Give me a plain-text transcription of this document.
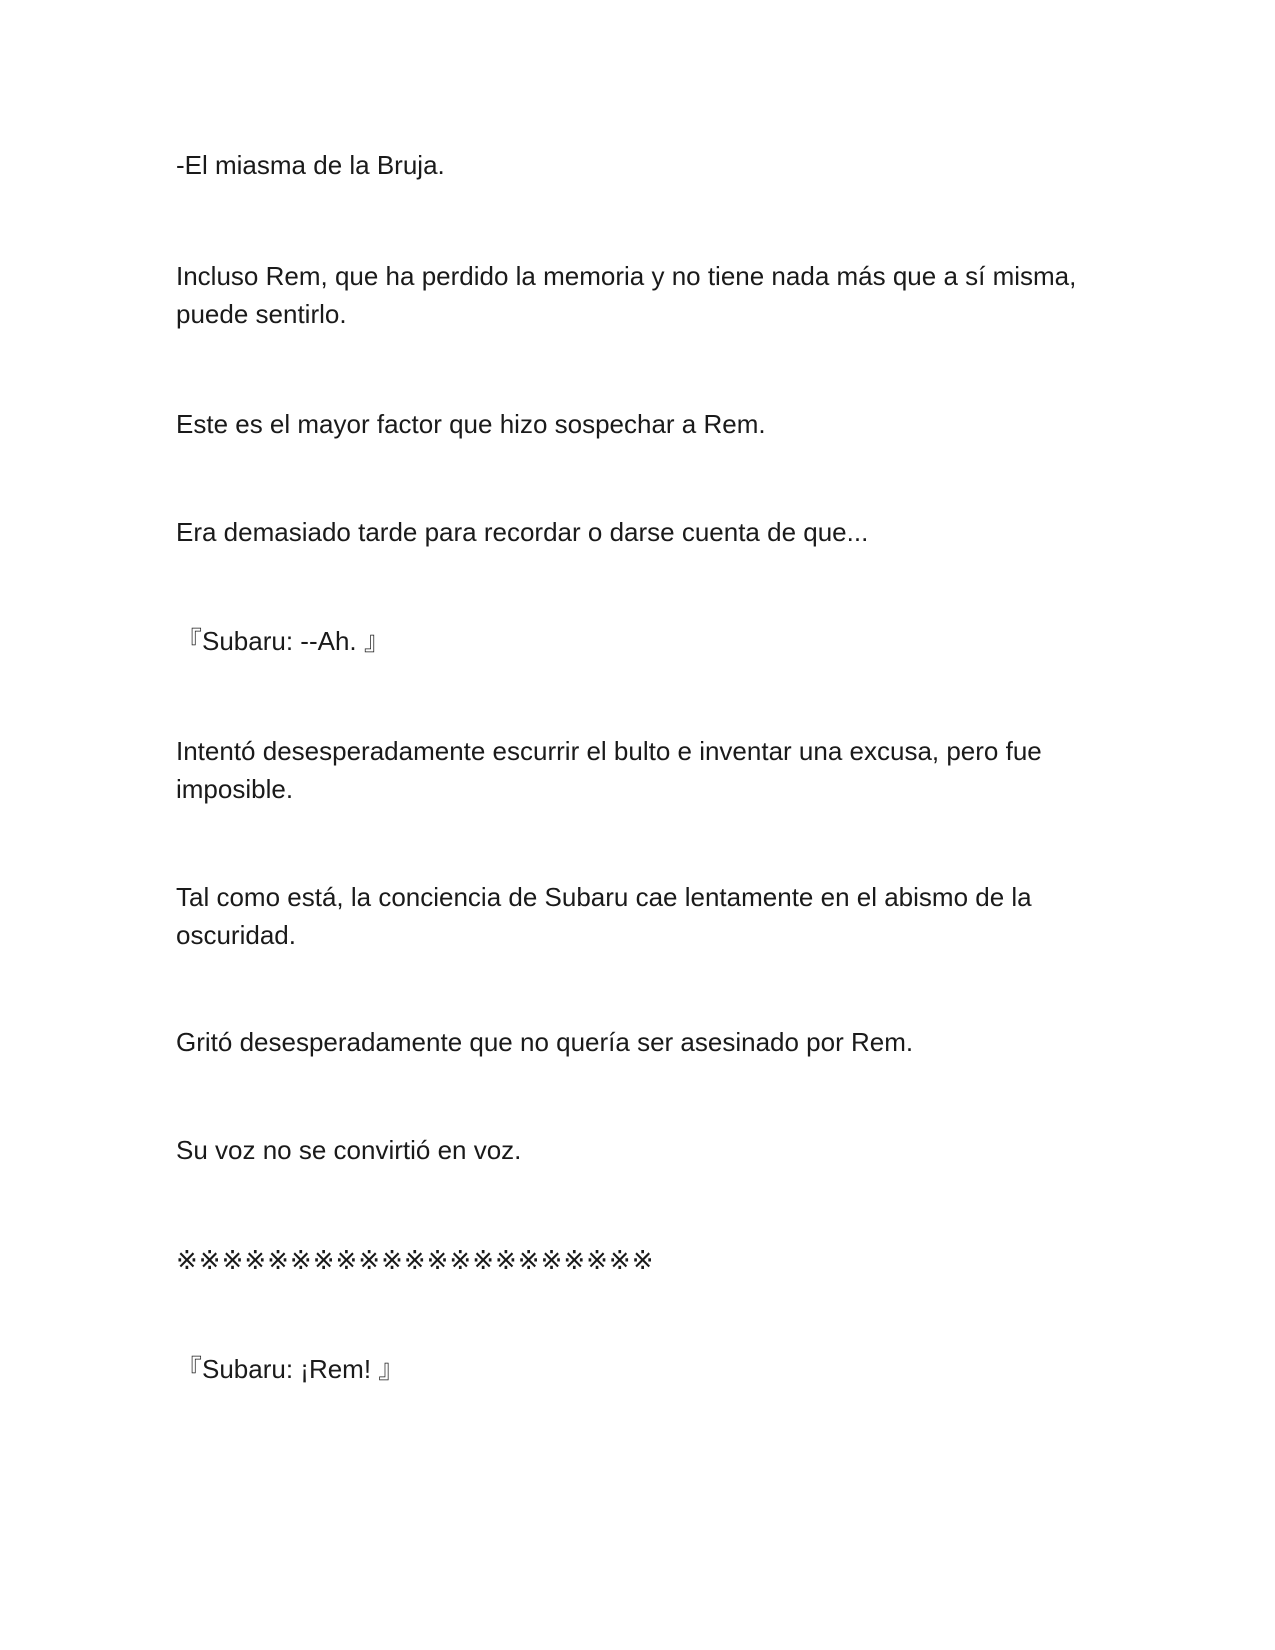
-El miasma de la Bruja.

Incluso Rem, que ha perdido la memoria y no tiene nada más que a sí misma, puede sentirlo.

Este es el mayor factor que hizo sospechar a Rem.

Era demasiado tarde para recordar o darse cuenta de que...

『Subaru: --Ah. 』

Intentó desesperadamente escurrir el bulto e inventar una excusa, pero fue imposible.

Tal como está, la conciencia de Subaru cae lentamente en el abismo de la oscuridad.

Gritó desesperadamente que no quería ser asesinado por Rem.

Su voz no se convirtió en voz.

※※※※※※※※※※※※※※※※※※※※※

『Subaru: ¡Rem! 』
